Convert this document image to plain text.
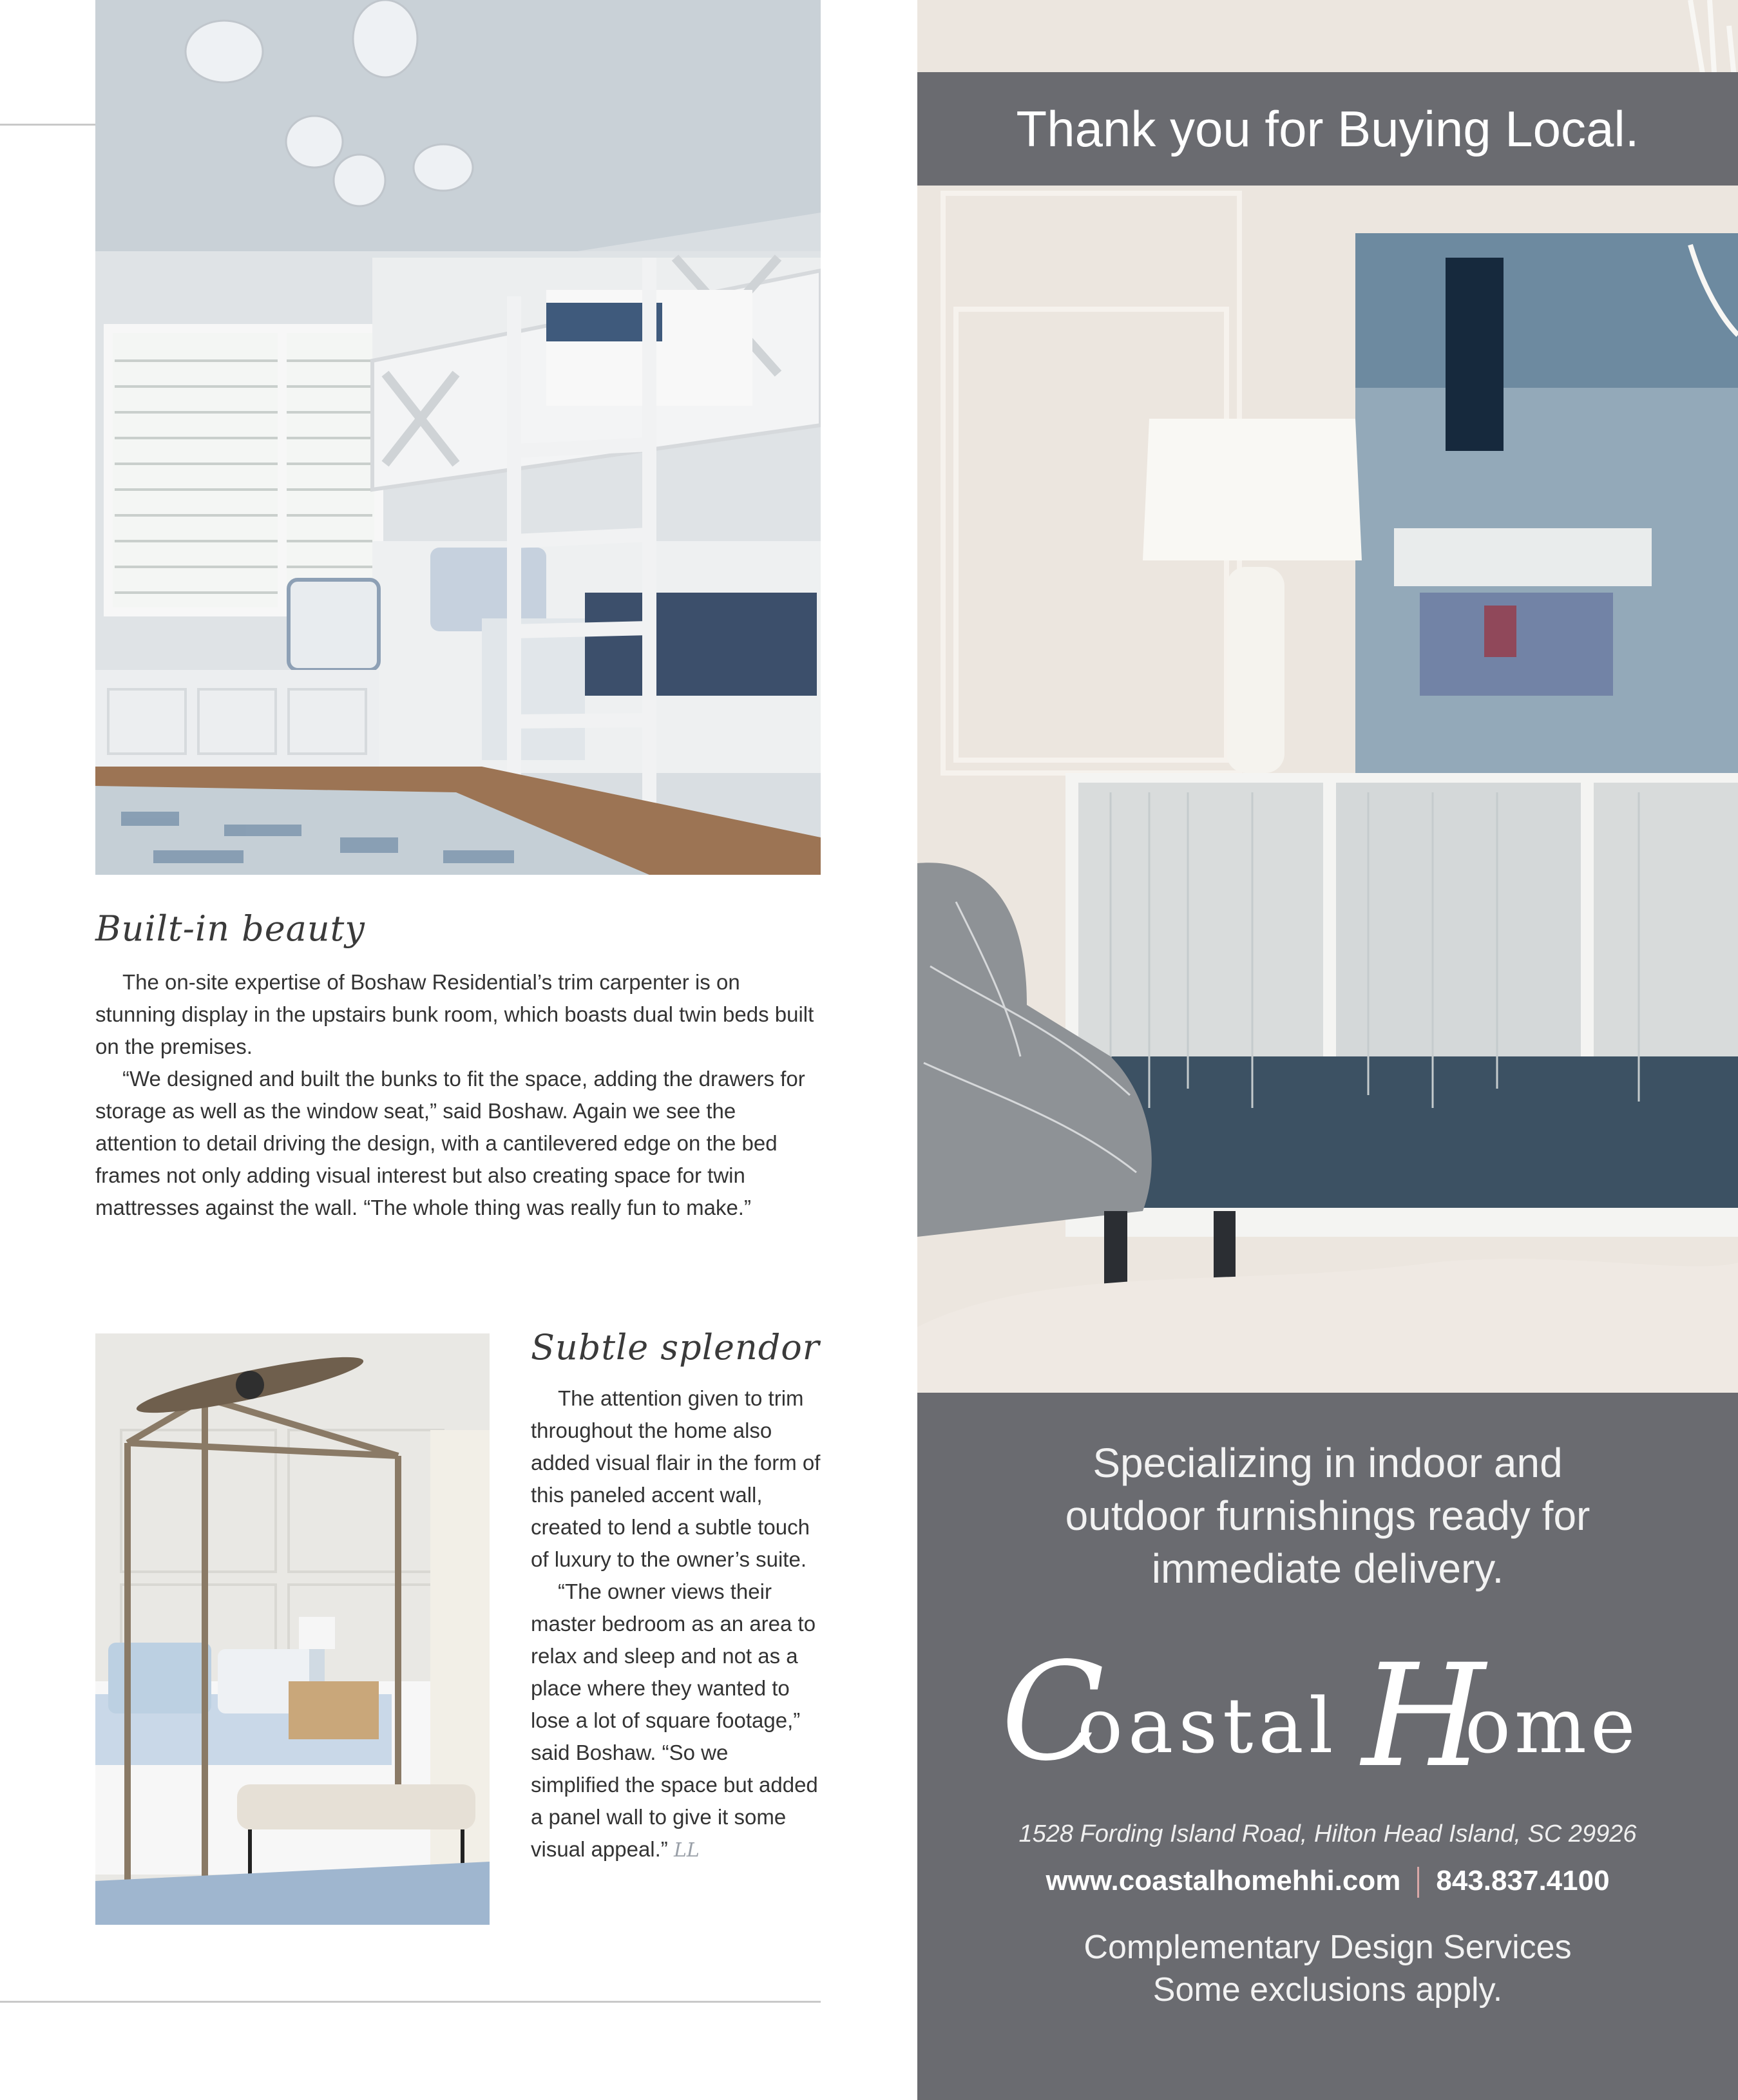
Built-in beauty

The on-site expertise of Boshaw Residential’s trim carpenter is on stunning display in the upstairs bunk room, which boasts dual twin beds built on the premises.

“We designed and built the bunks to fit the space, adding the drawers for storage as well as the window seat,” said Boshaw. Again we see the attention to detail driving the design, with a cantilevered edge on the bed frames not only adding visual interest but also creating space for twin mattresses against the wall. “The whole thing was really fun to make.”

Subtle splendor

The attention given to trim throughout the home also added visual flair in the form of this paneled accent wall, created to lend a subtle touch of luxury to the owner’s suite.

“The owner views their master bedroom as an area to relax and sleep and not as a place where they wanted to lose a lot of square footage,” said Boshaw. “So we simplified the space but added a panel wall to give it some visual appeal.” LL

Thank you for Buying Local.
Specializing in indoor and
outdoor furnishings ready for
immediate delivery.
C
oastal H
ome
1528 Fording Island Road, Hilton Head Island, SC 29926
www.coastalhomehhi.com 843.837.4100
Complementary Design Services
Some exclusions apply.
